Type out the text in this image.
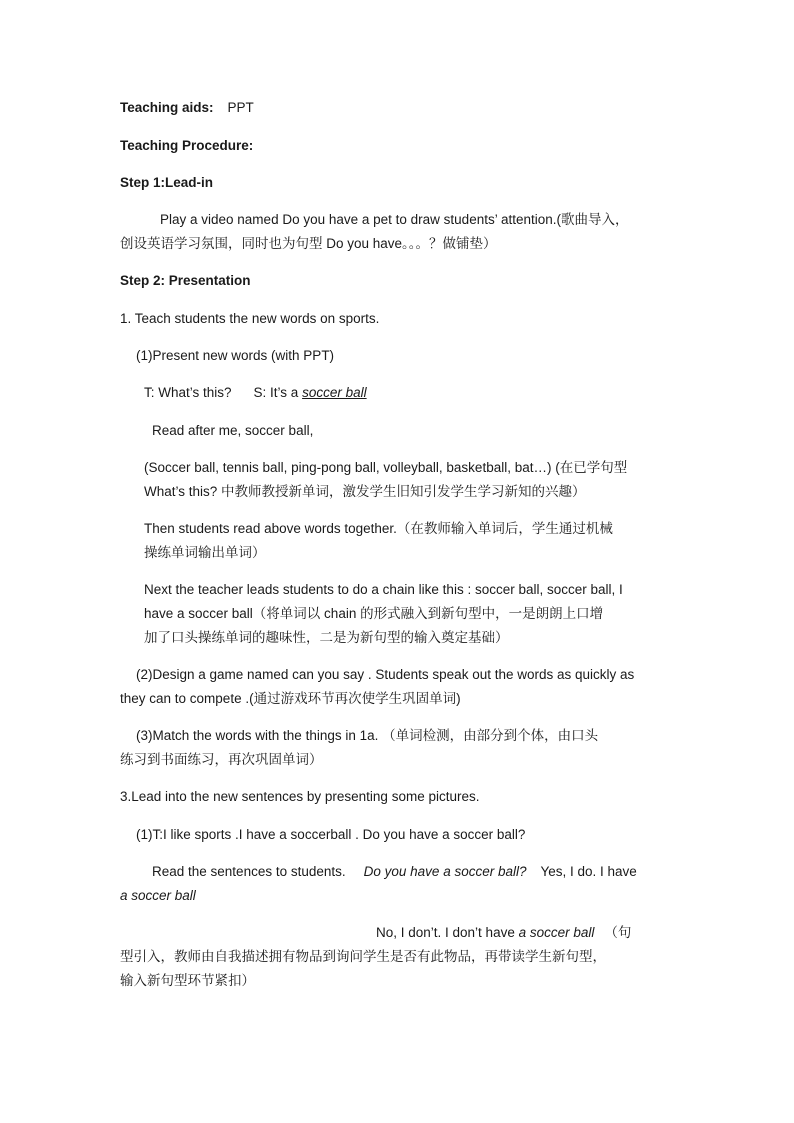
Teaching aids: PPT
Teaching Procedure:
Step 1:Lead-in
Play a video named Do you have a pet to draw students’ attention.(歌曲导入，
创设英语学习氛围，同时也为句型 Do you have。。。？做铺垫）
Step 2: Presentation
1. Teach students the new words on sports.
(1)Present new words (with PPT)
T: What’s this? S: It’s a soccer ball
Read after me, soccer ball,
(Soccer ball, tennis ball, ping-pong ball, volleyball, basketball, bat…) (在已学句型
What’s this? 中教师教授新单词，激发学生旧知引发学生学习新知的兴趣）
Then students read above words together.（在教师输入单词后，学生通过机械
操练单词输出单词）
Next the teacher leads students to do a chain like this : soccer ball, soccer ball, I
have a soccer ball（将单词以 chain 的形式融入到新句型中，一是朗朗上口增
加了口头操练单词的趣味性，二是为新句型的输入奠定基础）
(2)Design a game named can you say . Students speak out the words as quickly as
they can to compete .(通过游戏环节再次使学生巩固单词)
(3)Match the words with the things in 1a. （单词检测，由部分到个体，由口头
练习到书面练习，再次巩固单词）
3.Lead into the new sentences by presenting some pictures.
(1)T:I like sports .I have a soccerball . Do you have a soccer ball?
Read the sentences to students. Do you have a soccer ball? Yes, I do. I have
a soccer ball
No, I don’t. I don’t have a soccer ball （句
型引入，教师由自我描述拥有物品到询问学生是否有此物品，再带读学生新句型，
输入新句型环节紧扣）
